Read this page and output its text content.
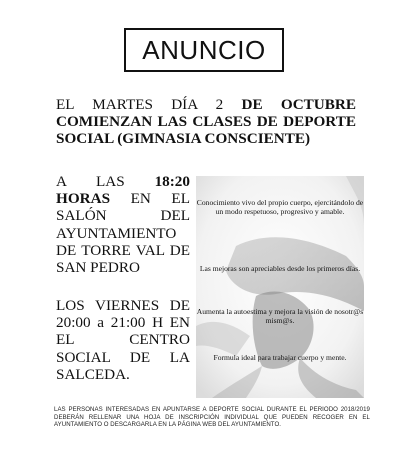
ANUNCIO

EL MARTES DÍA 2 DE OCTUBRE COMIENZAN LAS CLASES DE DEPORTE SOCIAL (GIMNASIA CONSCIENTE)

A LAS 18:20 HORAS EN EL SALÓN DEL AYUNTAMIENTO DE TORRE VAL DE SAN PEDRO

LOS VIERNES DE 20:00 a 21:00 H EN EL CENTRO SOCIAL DE LA SALCEDA.

Conocimiento vivo del propio cuerpo, ejercitándolo de un modo respetuoso, progresivo y amable.
Las mejoras son apreciables desde los primeros días.
Aumenta la autoestima y mejora la visión de nosotr@s mism@s.
Formula ideal para trabajar cuerpo y mente.

LAS PERSONAS INTERESADAS EN APUNTARSE A DEPORTE SOCIAL DURANTE EL PERIODO 2018/2019 DEBERÁN RELLENAR UNA HOJA DE INSCRIPCIÓN INDIVIDUAL QUE PUEDEN RECOGER EN EL AYUNTAMIENTO O DESCARGARLA EN LA PÁGINA WEB DEL AYUNTAMIENTO.
